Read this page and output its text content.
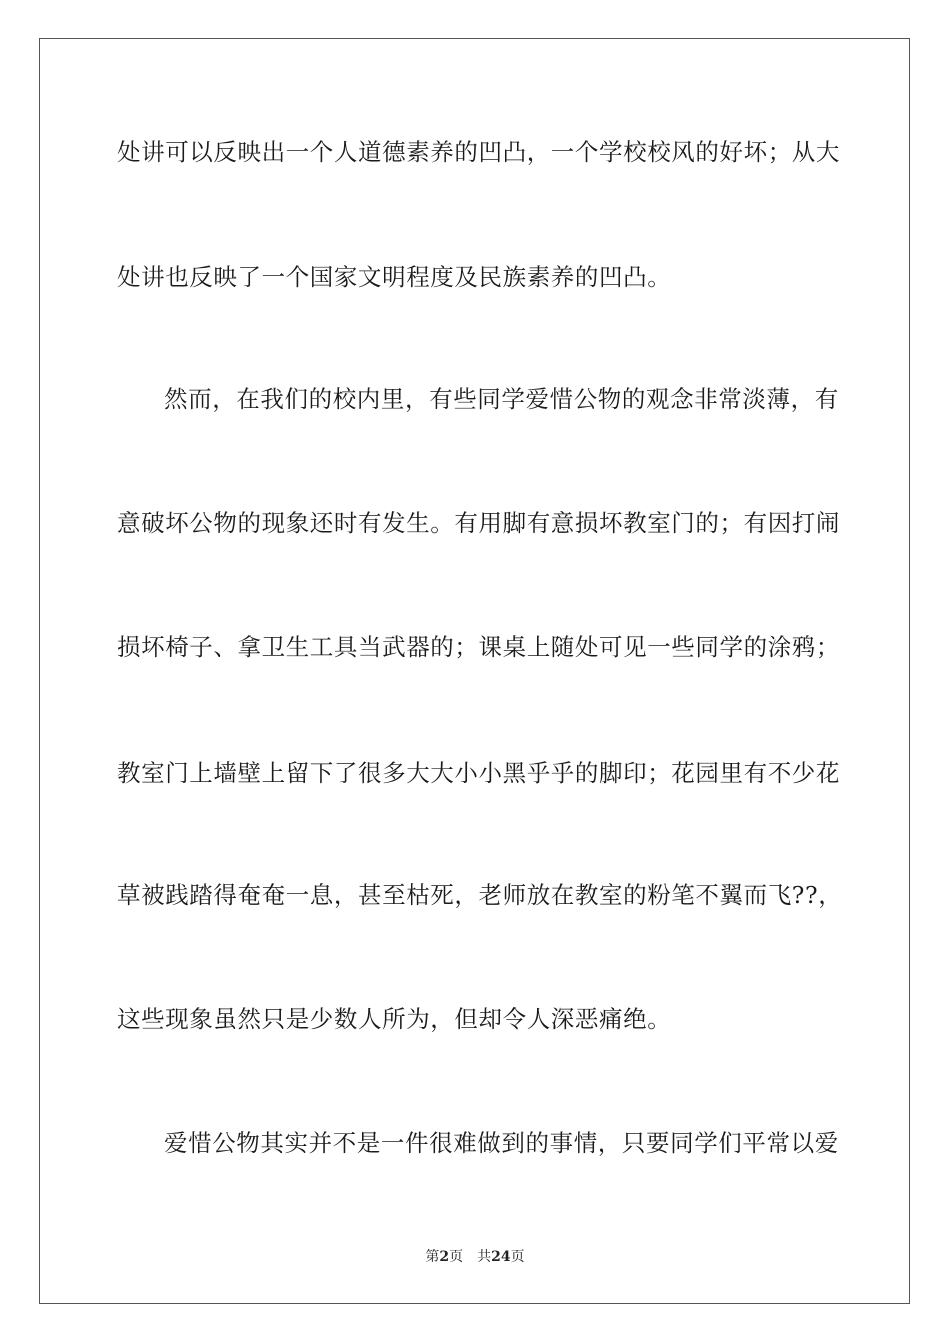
处讲可以反映出一个人道德素养的凹凸，一个学校校风的好坏；从大
处讲也反映了一个国家文明程度及民族素养的凹凸。
然而，在我们的校内里，有些同学爱惜公物的观念非常淡薄，有
意破坏公物的现象还时有发生。有用脚有意损坏教室门的；有因打闹
损坏椅子、拿卫生工具当武器的；课桌上随处可见一些同学的涂鸦；
教室门上墙壁上留下了很多大大小小黑乎乎的脚印；花园里有不少花
草被践踏得奄奄一息，甚至枯死，老师放在教室的粉笔不翼而飞??，
这些现象虽然只是少数人所为，但却令人深恶痛绝。
爱惜公物其实并不是一件很难做到的事情，只要同学们平常以爱
第2页 共24页
